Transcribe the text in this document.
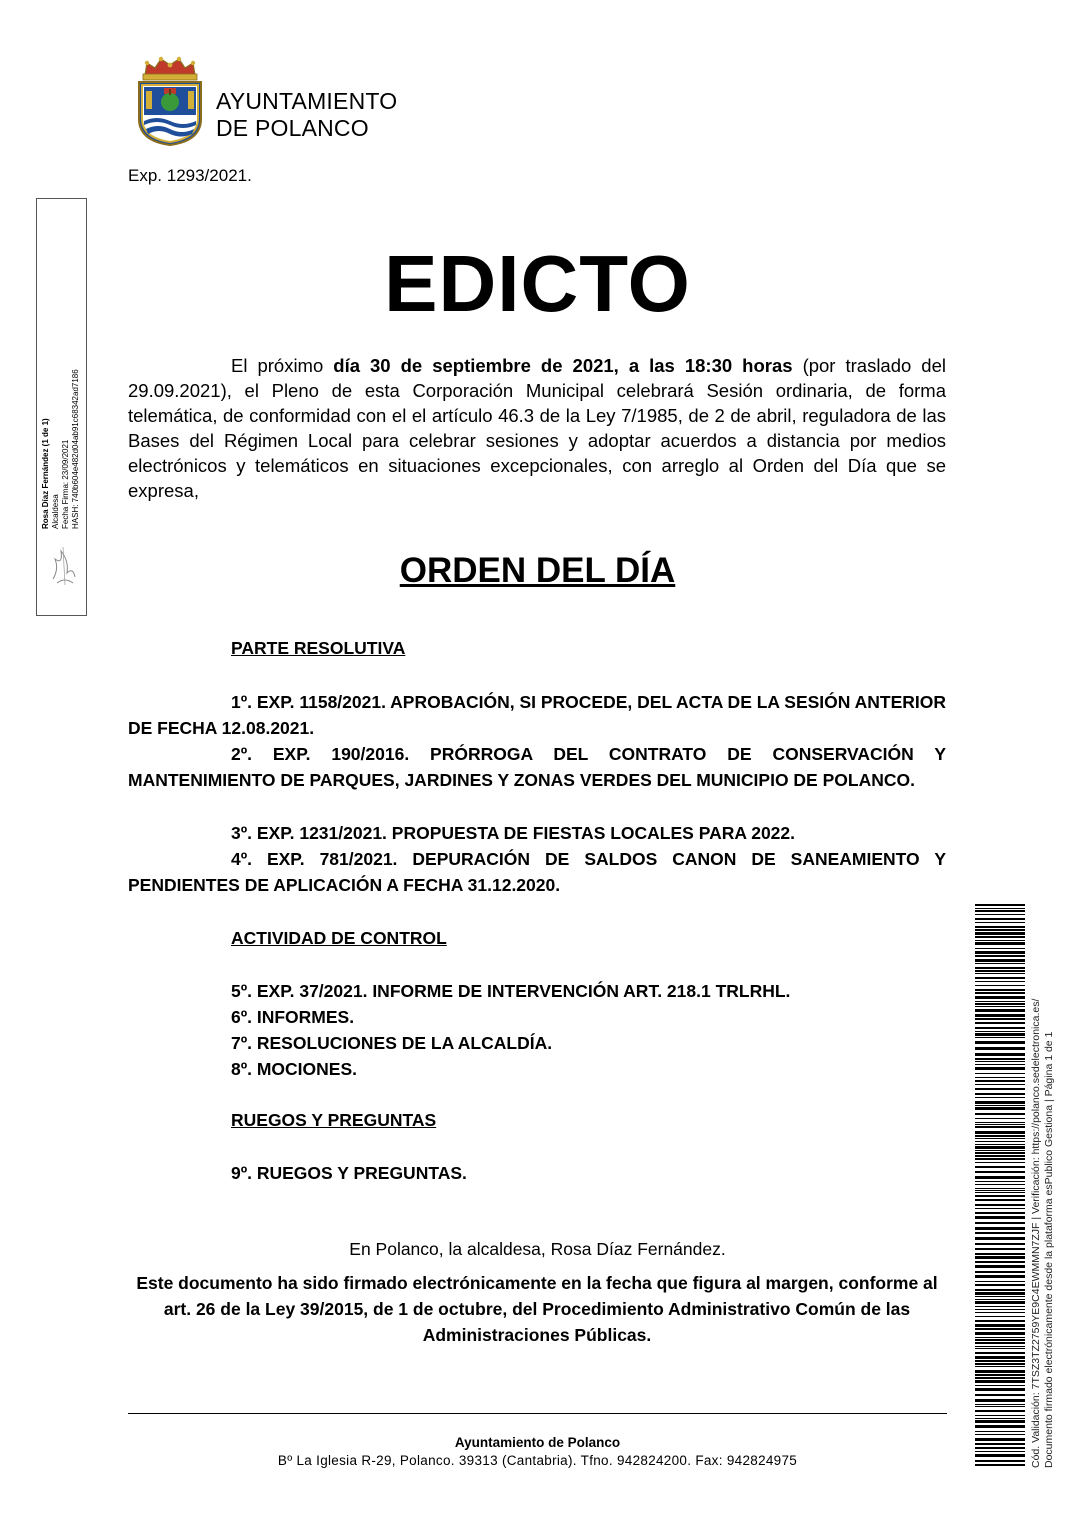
AYUNTAMIENTO
DE POLANCO
Exp. 1293/2021.
Rosa Díaz Fernández (1 de 1) Alcaldesa Fecha Firma: 23/09/2021 HASH: 740b604e482d04ab91c68342ad7186
EDICTO
El próximo día 30 de septiembre de 2021, a las 18:30 horas (por traslado del 29.09.2021), el Pleno de esta Corporación Municipal celebrará Sesión ordinaria, de forma telemática, de conformidad con el el artículo 46.3 de la Ley 7/1985, de 2 de abril, reguladora de las Bases del Régimen Local para celebrar sesiones y adoptar acuerdos a distancia por medios electrónicos y telemáticos en situaciones excepcionales, con arreglo al Orden del Día que se expresa,
ORDEN DEL DÍA
PARTE RESOLUTIVA
1º. EXP. 1158/2021. APROBACIÓN, SI PROCEDE, DEL ACTA DE LA SESIÓN ANTERIOR DE FECHA 12.08.2021.
2º. EXP. 190/2016. PRÓRROGA DEL CONTRATO DE CONSERVACIÓN Y MANTENIMIENTO DE PARQUES, JARDINES Y ZONAS VERDES DEL MUNICIPIO DE POLANCO.
3º. EXP. 1231/2021. PROPUESTA DE FIESTAS LOCALES PARA 2022.
4º. EXP. 781/2021. DEPURACIÓN DE SALDOS CANON DE SANEAMIENTO Y PENDIENTES DE APLICACIÓN A FECHA 31.12.2020.
ACTIVIDAD DE CONTROL
5º. EXP. 37/2021. INFORME DE INTERVENCIÓN ART. 218.1 TRLRHL.
6º. INFORMES.
7º. RESOLUCIONES DE LA ALCALDÍA.
8º. MOCIONES.
RUEGOS Y PREGUNTAS
9º. RUEGOS Y PREGUNTAS.
En Polanco, la alcaldesa, Rosa Díaz Fernández.
Este documento ha sido firmado electrónicamente en la fecha que figura al margen, conforme al art. 26 de la Ley 39/2015, de 1 de octubre, del Procedimiento Administrativo Común de las Administraciones Públicas.
Ayuntamiento de Polanco
Bº La Iglesia R-29, Polanco. 39313 (Cantabria). Tfno. 942824200. Fax: 942824975	Cód. Validación: 7TSZ3TZ2759YE9C4EWMMN7ZJF | Verificación: https://polanco.sedelectronica.es/ Documento firmado electrónicamente desde la plataforma esPublico Gestiona | Página 1 de 1
